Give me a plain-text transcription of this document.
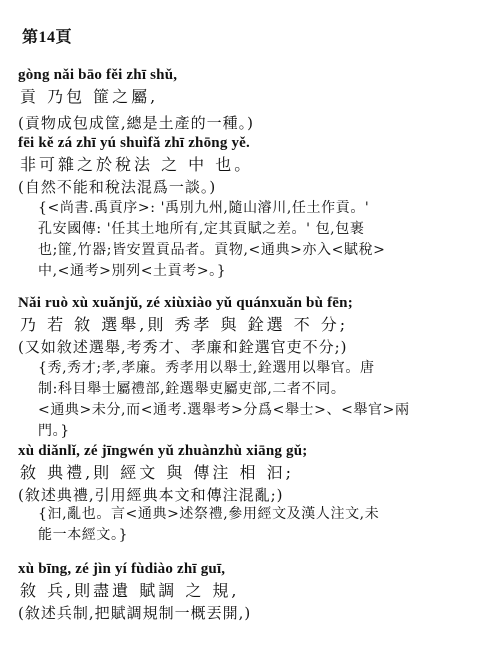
第14頁
gòng nǎi bāo fěi zhī shǔ,
貢 乃包 篚之屬,
(貢物成包成筐,總是土產的一種。)
fēi kě zá zhī yú shuìfǎ zhī zhōng yě.
非可雜之於稅法 之 中 也。
(自然不能和稅法混爲一談。)
{<尚書.禹貢序>: '禹別九州,隨山濬川,任土作貢。'
孔安國傳: '任其土地所有,定其貢賦之差。' 包,包裹
也;篚,竹器;皆安置貢品者。貢物,<通典>亦入<賦稅>
中,<通考>別列<土貢考>。}
Nǎi ruò xù xuǎnjǔ, zé xiùxiào yǔ quánxuǎn bù fēn;
乃 若 敘 選舉,則 秀孝 與 銓選 不 分;
(又如敘述選舉,考秀才、孝廉和銓選官吏不分;)
{秀,秀才;孝,孝廉。秀孝用以舉士,銓選用以舉官。唐
制:科目舉士屬禮部,銓選舉吏屬吏部,二者不同。
<通典>未分,而<通考.選舉考>分爲<舉士>、<舉官>兩
門。}
xù diǎnlǐ, zé jīngwén yǔ zhuànzhù xiāng gǔ;
敘 典禮,則 經文 與 傳注 相 汩;
(敘述典禮,引用經典本文和傳注混亂;)
{汩,亂也。言<通典>述祭禮,參用經文及漢人注文,未
能一本經文。}
xù bīng, zé jìn yí fùdiào zhī guī,
敘 兵,則盡遺 賦調 之 規,
(敘述兵制,把賦調規制一概丟開,)
